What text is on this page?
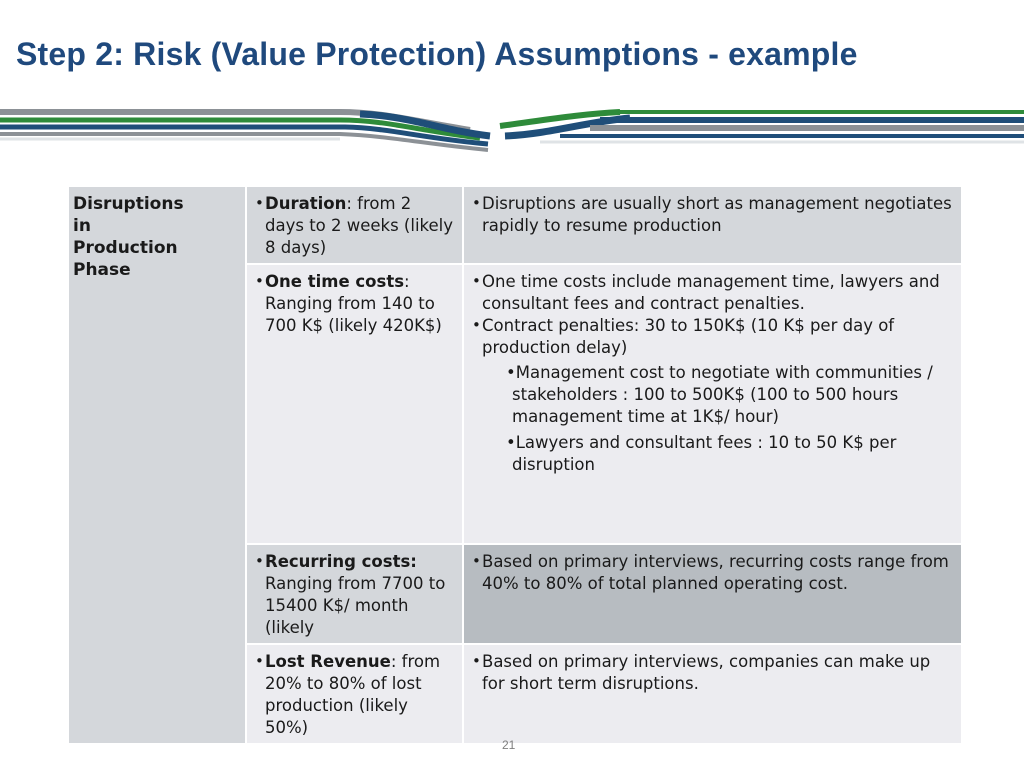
Step 2: Risk (Value Protection) Assumptions - example
Disruptions
in
Production
Phase	• Duration: from 2 days to 2 weeks (likely 8 days)	• Disruptions are usually short as management negotiates rapidly to resume production

	• One time costs: Ranging from 140 to 700 K$ (likely 420K$)	• One time costs include management time, lawyers and consultant fees and contract penalties.
• Contract penalties: 30 to 150K$ (10 K$ per day of production delay)
•Management cost to negotiate with communities / stakeholders : 100 to 500K$ (100 to 500 hours management time at 1K$/ hour)
•Lawyers and consultant fees : 10 to 50 K$ per disruption

	• Recurring costs: Ranging from 7700 to 15400 K$/ month (likely	• Based on primary interviews, recurring costs range from 40% to 80% of total planned operating cost.

	• Lost Revenue: from 20% to 80% of lost production (likely 50%)	• Based on primary interviews, companies can make up for short term disruptions.
21
